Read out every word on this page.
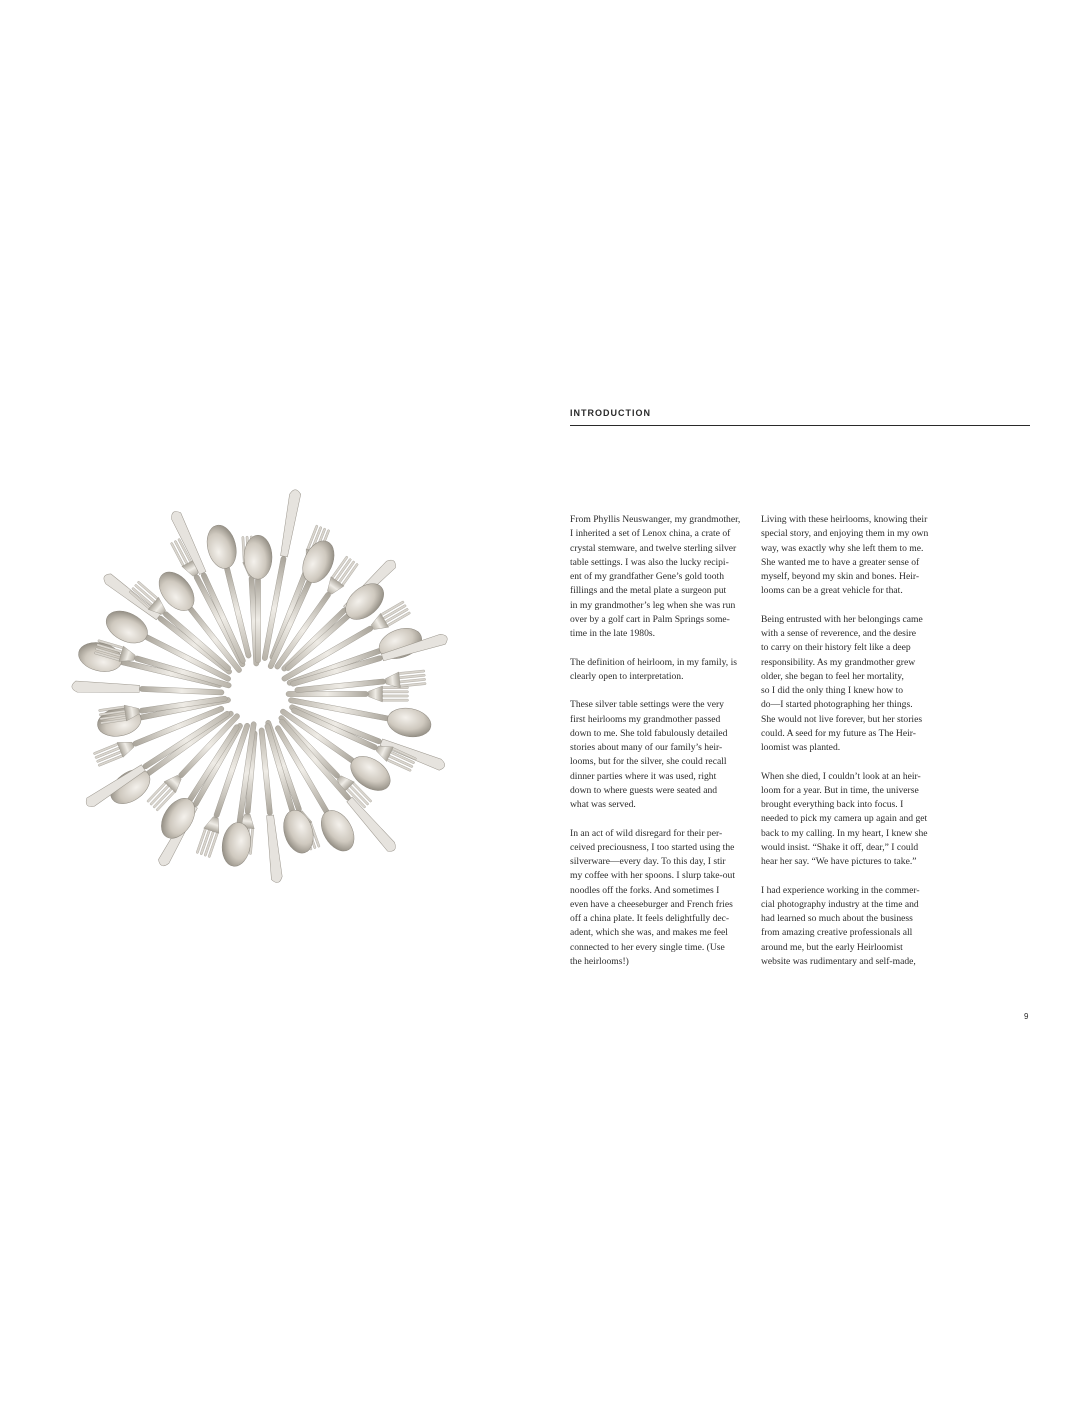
INTRODUCTION
From Phyllis Neuswanger, my grandmother,
I inherited a set of Lenox china, a crate of
crystal stemware, and twelve sterling silver
table settings. I was also the lucky recipi-
ent of my grandfather Gene’s gold tooth
fillings and the metal plate a surgeon put
in my grandmother’s leg when she was run
over by a golf cart in Palm Springs some-
time in the late 1980s.
The definition of heirloom, in my family, is
clearly open to interpretation.
These silver table settings were the very
first heirlooms my grandmother passed
down to me. She told fabulously detailed
stories about many of our family’s heir-
looms, but for the silver, she could recall
dinner parties where it was used, right
down to where guests were seated and
what was served.
In an act of wild disregard for their per-
ceived preciousness, I too started using the
silverware—every day. To this day, I stir
my coffee with her spoons. I slurp take-out
noodles off the forks. And sometimes I
even have a cheeseburger and French fries
off a china plate. It feels delightfully dec-
adent, which she was, and makes me feel
connected to her every single time. (Use
the heirlooms!)
Living with these heirlooms, knowing their
special story, and enjoying them in my own
way, was exactly why she left them to me.
She wanted me to have a greater sense of
myself, beyond my skin and bones. Heir-
looms can be a great vehicle for that.
Being entrusted with her belongings came
with a sense of reverence, and the desire
to carry on their history felt like a deep
responsibility. As my grandmother grew
older, she began to feel her mortality,
so I did the only thing I knew how to
do—I started photographing her things.
She would not live forever, but her stories
could. A seed for my future as The Heir-
loomist was planted.
When she died, I couldn’t look at an heir-
loom for a year. But in time, the universe
brought everything back into focus. I
needed to pick my camera up again and get
back to my calling. In my heart, I knew she
would insist. “Shake it off, dear,” I could
hear her say. “We have pictures to take.”
I had experience working in the commer-
cial photography industry at the time and
had learned so much about the business
from amazing creative professionals all
around me, but the early Heirloomist
website was rudimentary and self-made,
9
